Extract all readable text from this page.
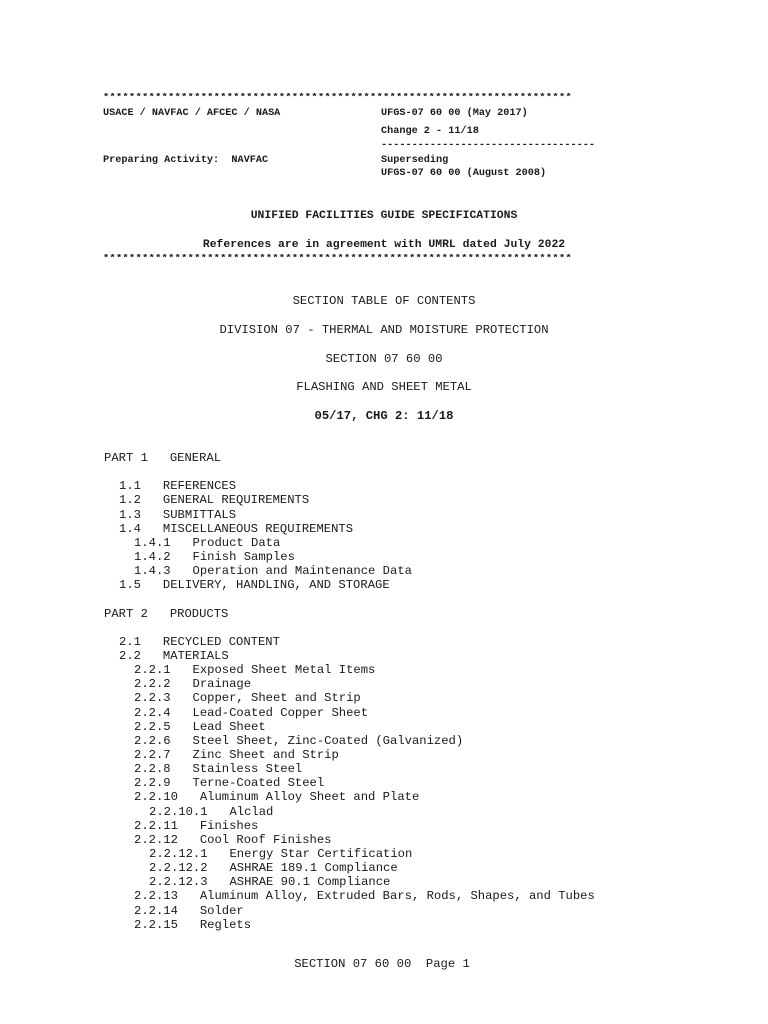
************************************************************************
USACE / NAVFAC / AFCEC / NASA	UFGS-07 60 00 (May 2017)
Change 2 - 11/18
-----------------------------------
Preparing Activity:  NAVFAC	Superseding
UFGS-07 60 00 (August 2008)
UNIFIED FACILITIES GUIDE SPECIFICATIONS
References are in agreement with UMRL dated July 2022
************************************************************************
SECTION TABLE OF CONTENTS
DIVISION 07 - THERMAL AND MOISTURE PROTECTION
SECTION 07 60 00
FLASHING AND SHEET METAL
05/17, CHG 2: 11/18
PART 1 GENERAL
1.1 REFERENCES
1.2 GENERAL REQUIREMENTS
1.3 SUBMITTALS
1.4 MISCELLANEOUS REQUIREMENTS
1.4.1 Product Data
1.4.2 Finish Samples
1.4.3 Operation and Maintenance Data
1.5 DELIVERY, HANDLING, AND STORAGE
PART 2 PRODUCTS
2.1 RECYCLED CONTENT
2.2 MATERIALS
2.2.1 Exposed Sheet Metal Items
2.2.2 Drainage
2.2.3 Copper, Sheet and Strip
2.2.4 Lead-Coated Copper Sheet
2.2.5 Lead Sheet
2.2.6 Steel Sheet, Zinc-Coated (Galvanized)
2.2.7 Zinc Sheet and Strip
2.2.8 Stainless Steel
2.2.9 Terne-Coated Steel
2.2.10 Aluminum Alloy Sheet and Plate
2.2.10.1 Alclad
2.2.11 Finishes
2.2.12 Cool Roof Finishes
2.2.12.1 Energy Star Certification
2.2.12.2 ASHRAE 189.1 Compliance
2.2.12.3 ASHRAE 90.1 Compliance
2.2.13 Aluminum Alloy, Extruded Bars, Rods, Shapes, and Tubes
2.2.14 Solder
2.2.15 Reglets
SECTION 07 60 00  Page 1
